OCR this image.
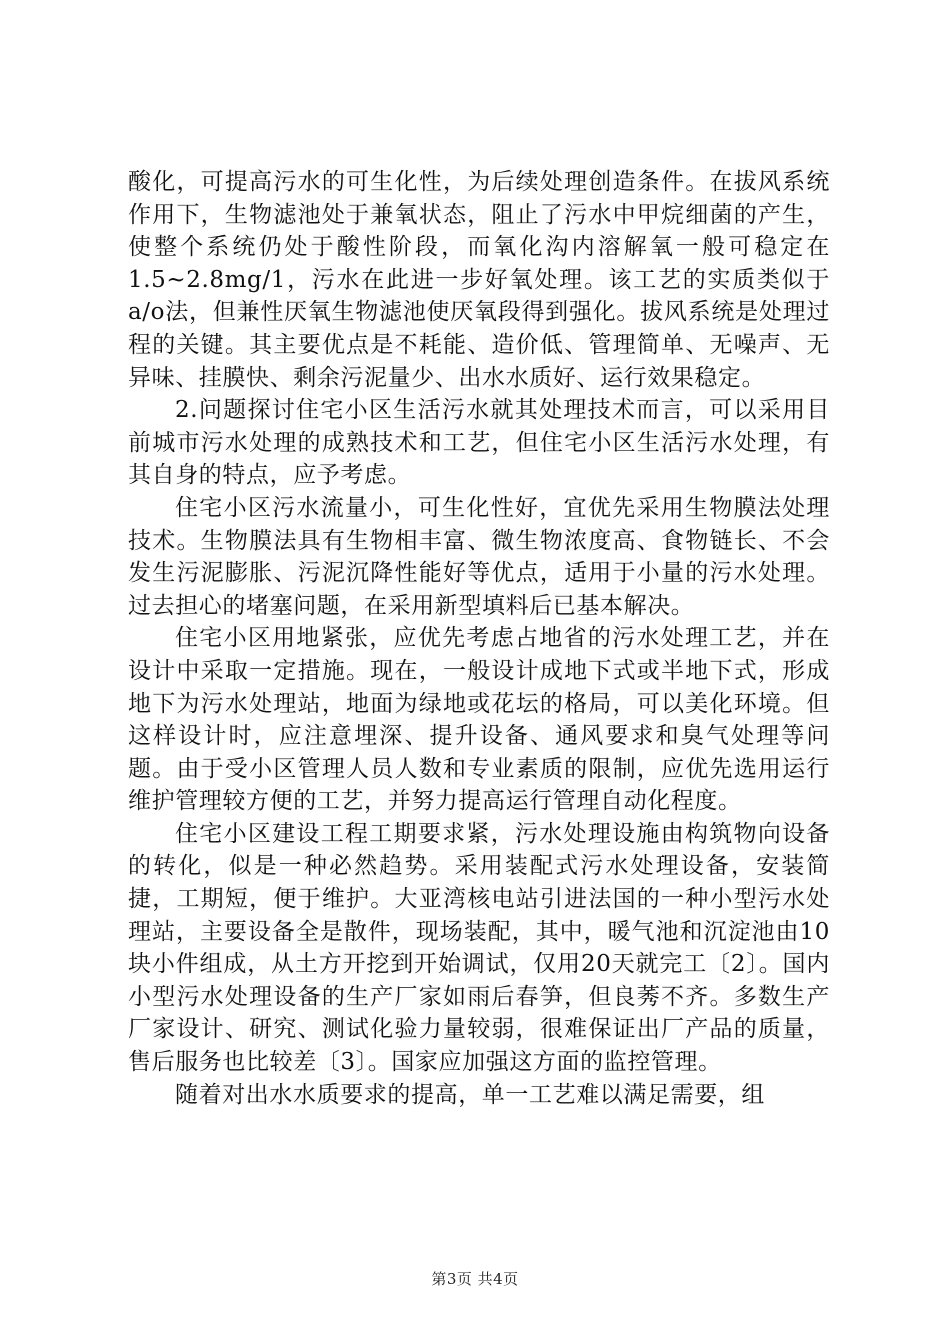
酸化，可提高污水的可生化性，为后续处理创造条件。在拔风系统作用下，生物滤池处于兼氧状态，阻止了污水中甲烷细菌的产生，使整个系统仍处于酸性阶段，而氧化沟内溶解氧一般可稳定在1.5~2.8mg/1，污水在此进一步好氧处理。该工艺的实质类似于a/o法，但兼性厌氧生物滤池使厌氧段得到强化。拔风系统是处理过程的关键。其主要优点是不耗能、造价低、管理简单、无噪声、无异味、挂膜快、剩余污泥量少、出水水质好、运行效果稳定。

2.问题探讨住宅小区生活污水就其处理技术而言，可以采用目前城市污水处理的成熟技术和工艺，但住宅小区生活污水处理，有其自身的特点，应予考虑。

住宅小区污水流量小，可生化性好，宜优先采用生物膜法处理技术。生物膜法具有生物相丰富、微生物浓度高、食物链长、不会发生污泥膨胀、污泥沉降性能好等优点，适用于小量的污水处理。过去担心的堵塞问题，在采用新型填料后已基本解决。

住宅小区用地紧张，应优先考虑占地省的污水处理工艺，并在设计中采取一定措施。现在，一般设计成地下式或半地下式，形成地下为污水处理站，地面为绿地或花坛的格局，可以美化环境。但这样设计时，应注意埋深、提升设备、通风要求和臭气处理等问题。由于受小区管理人员人数和专业素质的限制，应优先选用运行维护管理较方便的工艺，并努力提高运行管理自动化程度。

住宅小区建设工程工期要求紧，污水处理设施由构筑物向设备的转化，似是一种必然趋势。采用装配式污水处理设备，安装简捷，工期短，便于维护。大亚湾核电站引进法国的一种小型污水处理站，主要设备全是散件，现场装配，其中，暖气池和沉淀池由10块小件组成，从土方开挖到开始调试，仅用20天就完工〔2〕。国内小型污水处理设备的生产厂家如雨后春笋，但良莠不齐。多数生产厂家设计、研究、测试化验力量较弱，很难保证出厂产品的质量，售后服务也比较差〔3〕。国家应加强这方面的监控管理。

随着对出水水质要求的提高，单一工艺难以满足需要，组

第3页 共4页
